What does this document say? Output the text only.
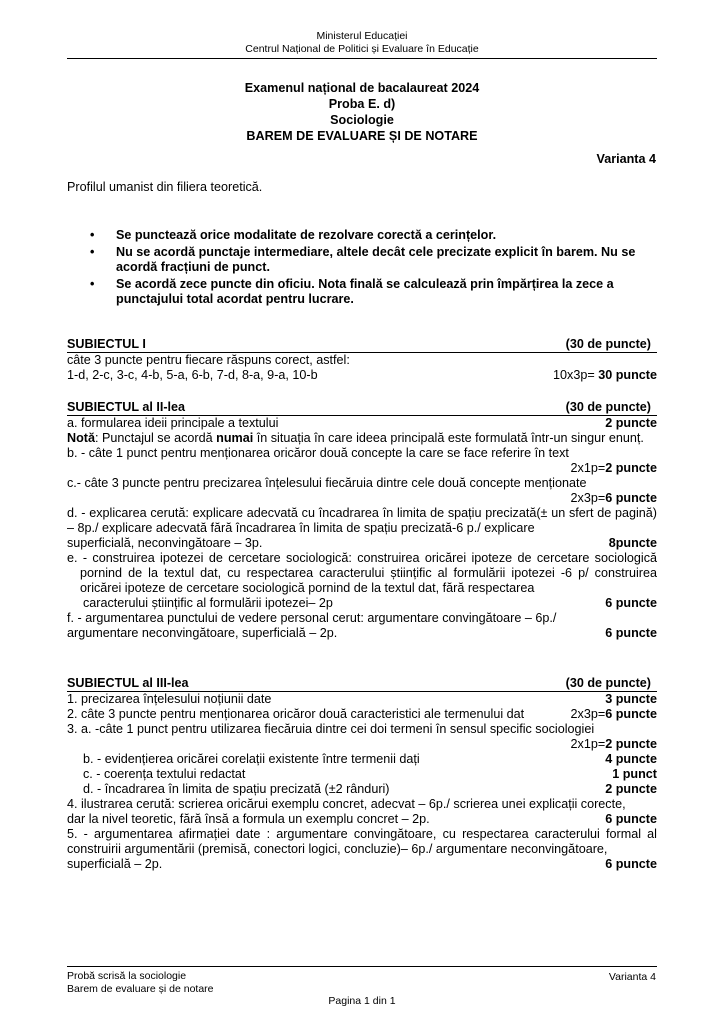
Ministerul Educației
Centrul Național de Politici și Evaluare în Educație
Examenul național de bacalaureat 2024
Proba E. d)
Sociologie
BAREM DE EVALUARE ȘI DE NOTARE
Varianta 4
Profilul umanist din filiera teoretică.
• Se punctează orice modalitate de rezolvare corectă a cerințelor.
• Nu se acordă punctaje intermediare, altele decât cele precizate explicit în barem. Nu se acordă fracțiuni de punct.
• Se acordă zece puncte din oficiu. Nota finală se calculează prin împărțirea la zece a punctajului total acordat pentru lucrare.
SUBIECTUL I	(30 de puncte)
câte 3 puncte pentru fiecare răspuns corect, astfel:
1-d, 2-c, 3-c, 4-b, 5-a, 6-b, 7-d, 8-a, 9-a, 10-b	10x3p= 30 puncte
SUBIECTUL al II-lea	(30 de puncte)
a. formularea ideii principale a textului	2 puncte
Notă: Punctajul se acordă numai în situația în care ideea principală este formulată într-un singur enunț.
b. - câte 1 punct pentru menționarea oricăror două concepte la care se face referire în text
2x1p=2 puncte
c.- câte 3 puncte pentru precizarea înțelesului fiecăruia dintre cele două concepte menționate
2x3p=6 puncte
d. - explicarea cerută: explicare adecvată cu încadrarea în limita de spațiu precizată(± un sfert de pagină) – 8p./ explicare adecvată fără încadrarea în limita de spațiu precizată-6 p./ explicare
superficială, neconvingătoare – 3p.	8puncte
e. - construirea ipotezei de cercetare sociologică: construirea oricărei ipoteze de cercetare sociologică pornind de la textul dat, cu respectarea caracterului științific al formulării ipotezei -6 p/ construirea oricărei ipoteze de cercetare sociologică pornind de la textul dat, fără respectarea
caracterului științific al formulării ipotezei– 2p	6 puncte
f. - argumentarea punctului de vedere personal cerut: argumentare convingătoare – 6p./
argumentare neconvingătoare, superficială – 2p.	6 puncte
SUBIECTUL al III-lea	(30 de puncte)
1. precizarea înțelesului noțiunii date	3 puncte
2. câte 3 puncte pentru menționarea oricăror două caracteristici ale termenului dat	2x3p=6 puncte
3. a. -câte 1 punct pentru utilizarea fiecăruia dintre cei doi termeni în sensul specific sociologiei
2x1p=2 puncte
b. - evidențierea oricărei corelații existente între termenii dați	4 puncte
c. - coerența textului redactat	1 punct
d. - încadrarea în limita de spațiu precizată (±2 rânduri)	2 puncte
4. ilustrarea cerută: scrierea oricărui exemplu concret, adecvat – 6p./ scrierea unei explicații corecte,
dar la nivel teoretic, fără însă a formula un exemplu concret – 2p.	6 puncte
5. - argumentarea afirmației date : argumentare convingătoare, cu respectarea caracterului formal al construirii argumentării (premisă, conectori logici, concluzie)– 6p./ argumentare neconvingătoare,
superficială – 2p.	6 puncte
Probă scrisă la sociologie
Barem de evaluare și de notare
Varianta 4
Pagina 1 din 1
